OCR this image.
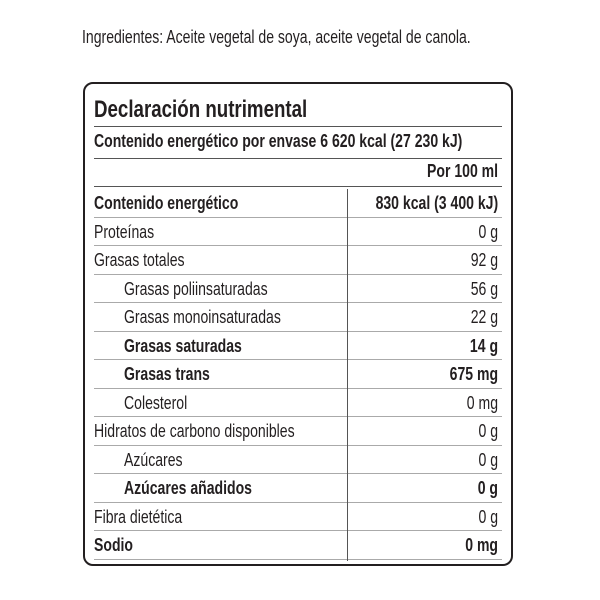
Ingredientes: Aceite vegetal de soya, aceite vegetal de canola.
Declaración nutrimental
Contenido energético por envase 6 620 kcal (27 230 kJ)
Por 100 ml
Contenido energético	830 kcal (3 400 kJ)
Proteínas	0 g
Grasas totales	92 g
Grasas poliinsaturadas	56 g
Grasas monoinsaturadas	22 g
Grasas saturadas	14 g
Grasas trans	675 mg
Colesterol	0 mg
Hidratos de carbono disponibles	0 g
Azúcares	0 g
Azúcares añadidos	0 g
Fibra dietética	0 g
Sodio	0 mg
